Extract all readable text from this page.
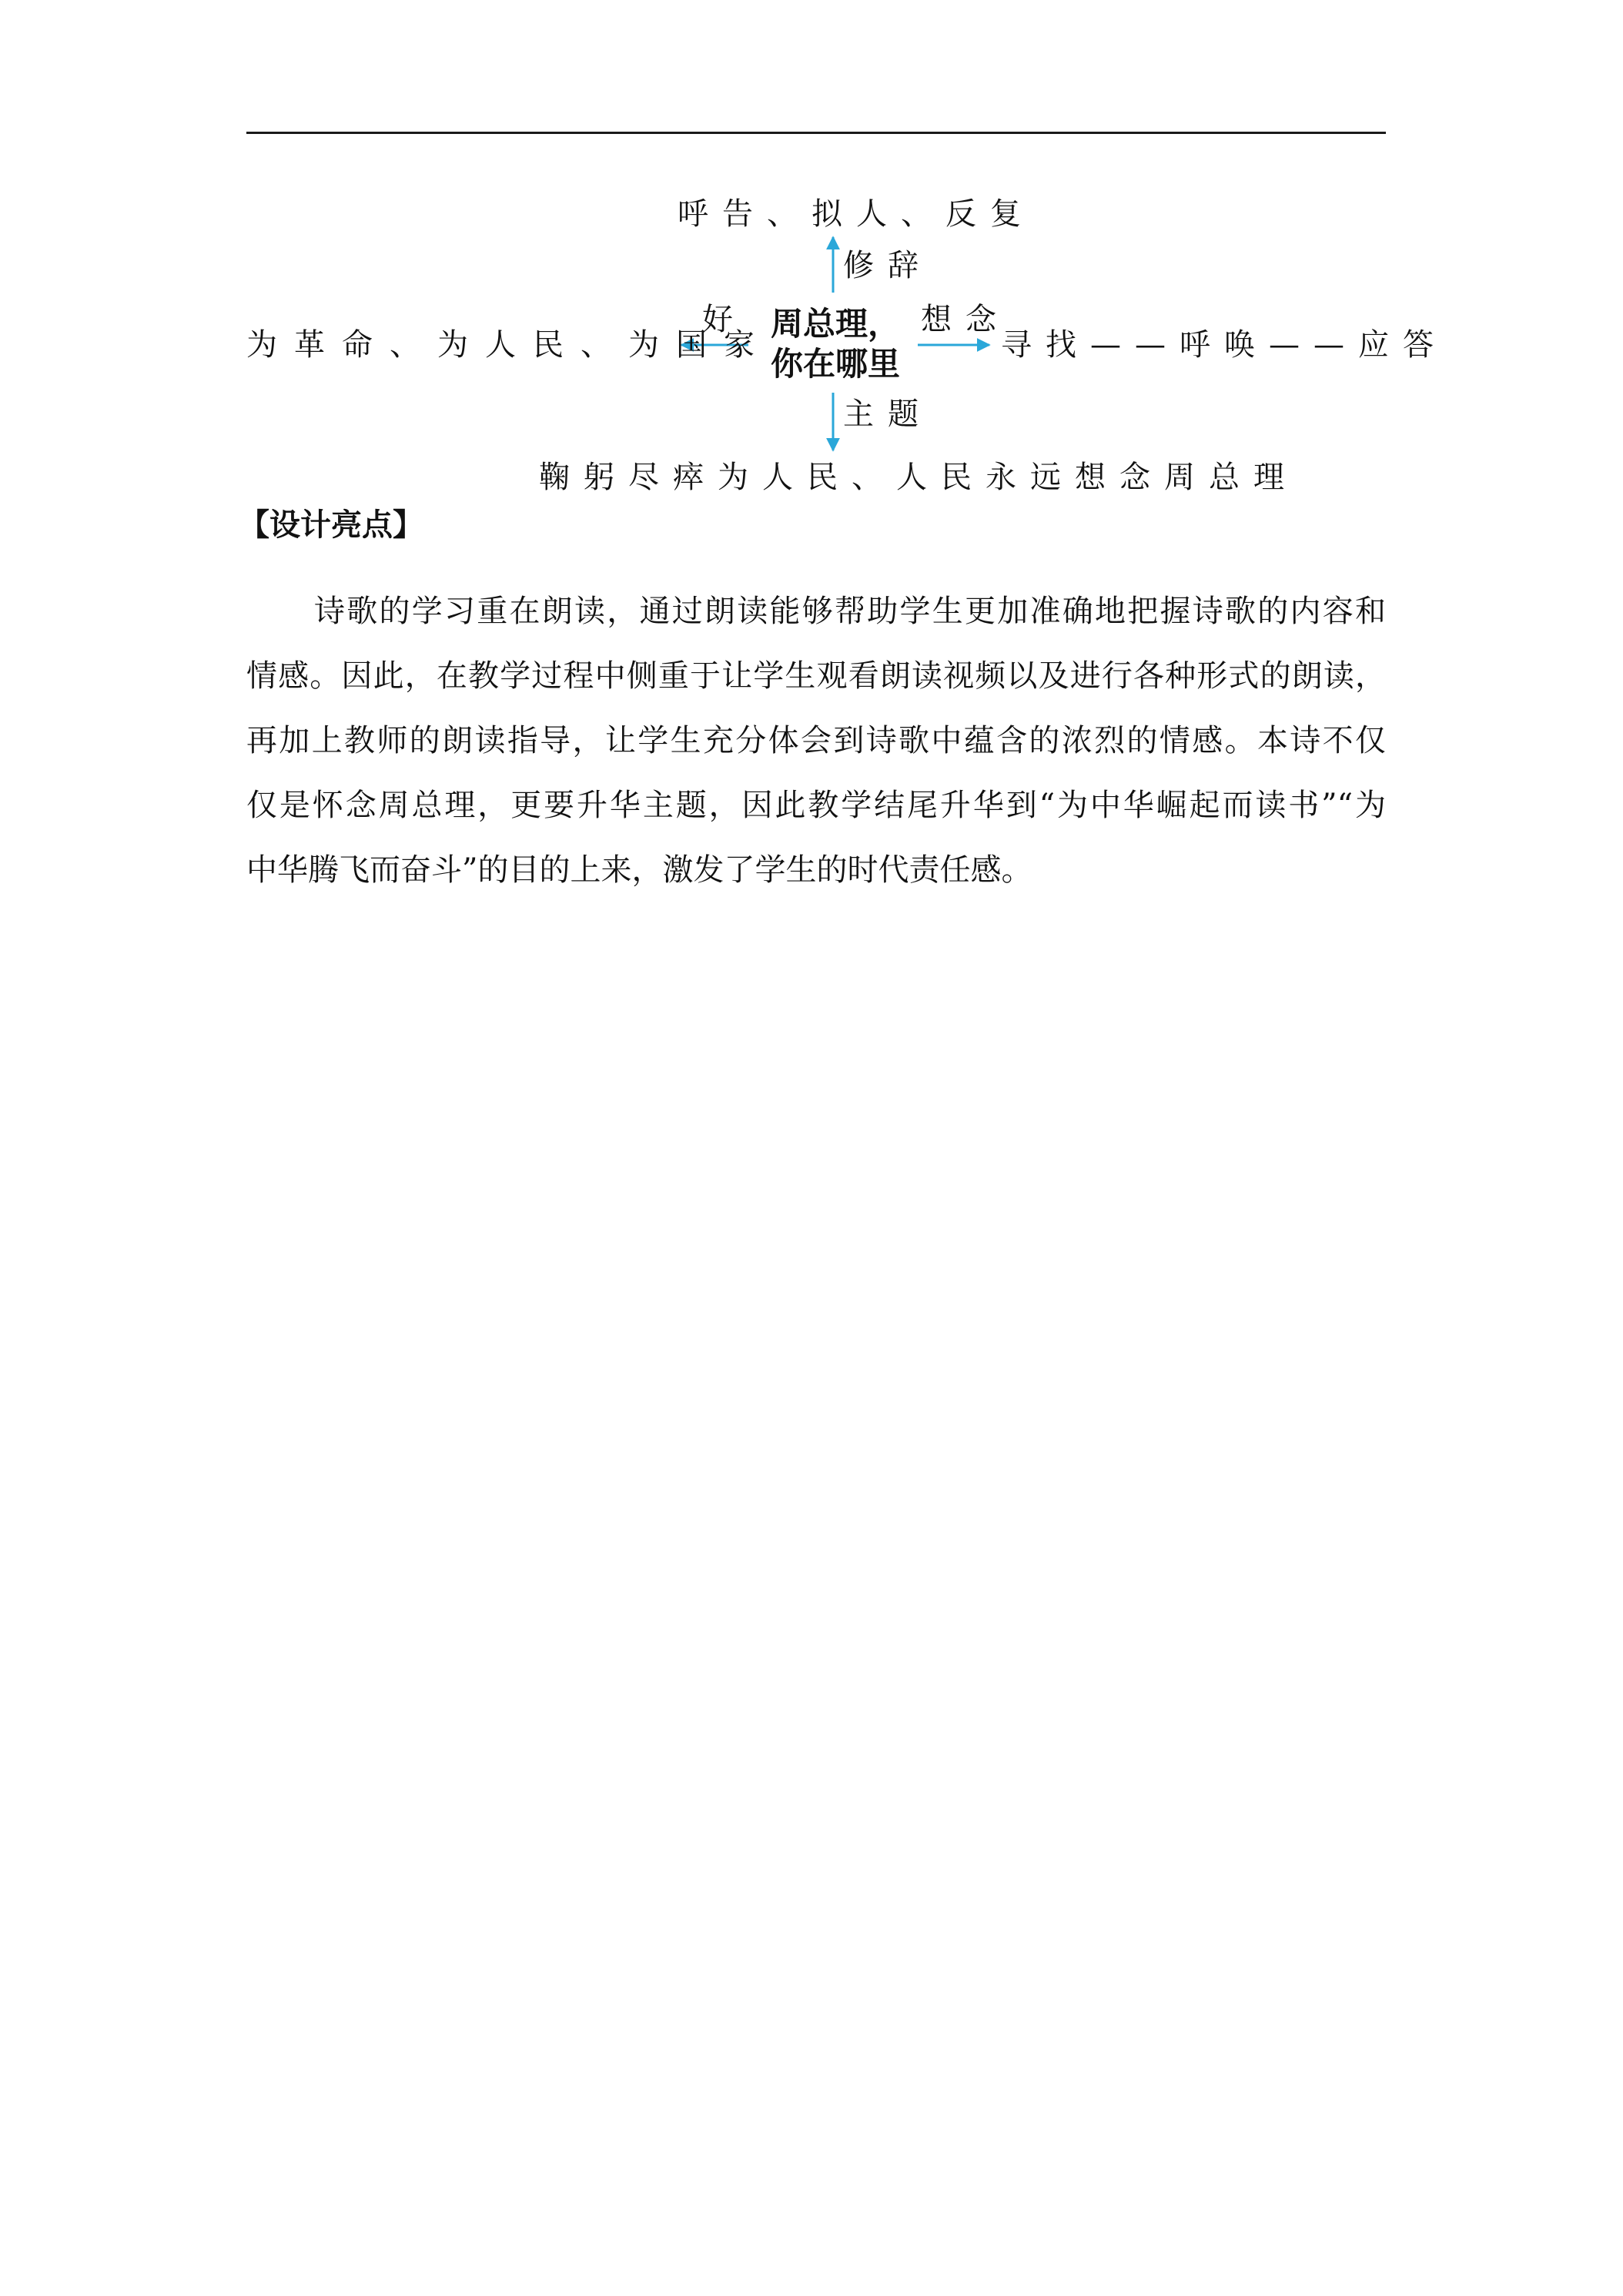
呼告、拟人、反复
修辞
周总理，
你在哪里
为革命、为人民、为国家
好	想念
寻找——呼唤——应答
主题
鞠躬尽瘁为人民、人民永远想念周总理
【设计亮点】
诗歌的学习重在朗读，通过朗读能够帮助学生更加准确地把握诗歌的内容和
情感。因此，在教学过程中侧重于让学生观看朗读视频以及进行各种形式的朗读，
再加上教师的朗读指导，让学生充分体会到诗歌中蕴含的浓烈的情感。本诗不仅
仅是怀念周总理，更要升华主题，因此教学结尾升华到“为中华崛起而读书”“为
中华腾飞而奋斗”的目的上来，激发了学生的时代责任感。
